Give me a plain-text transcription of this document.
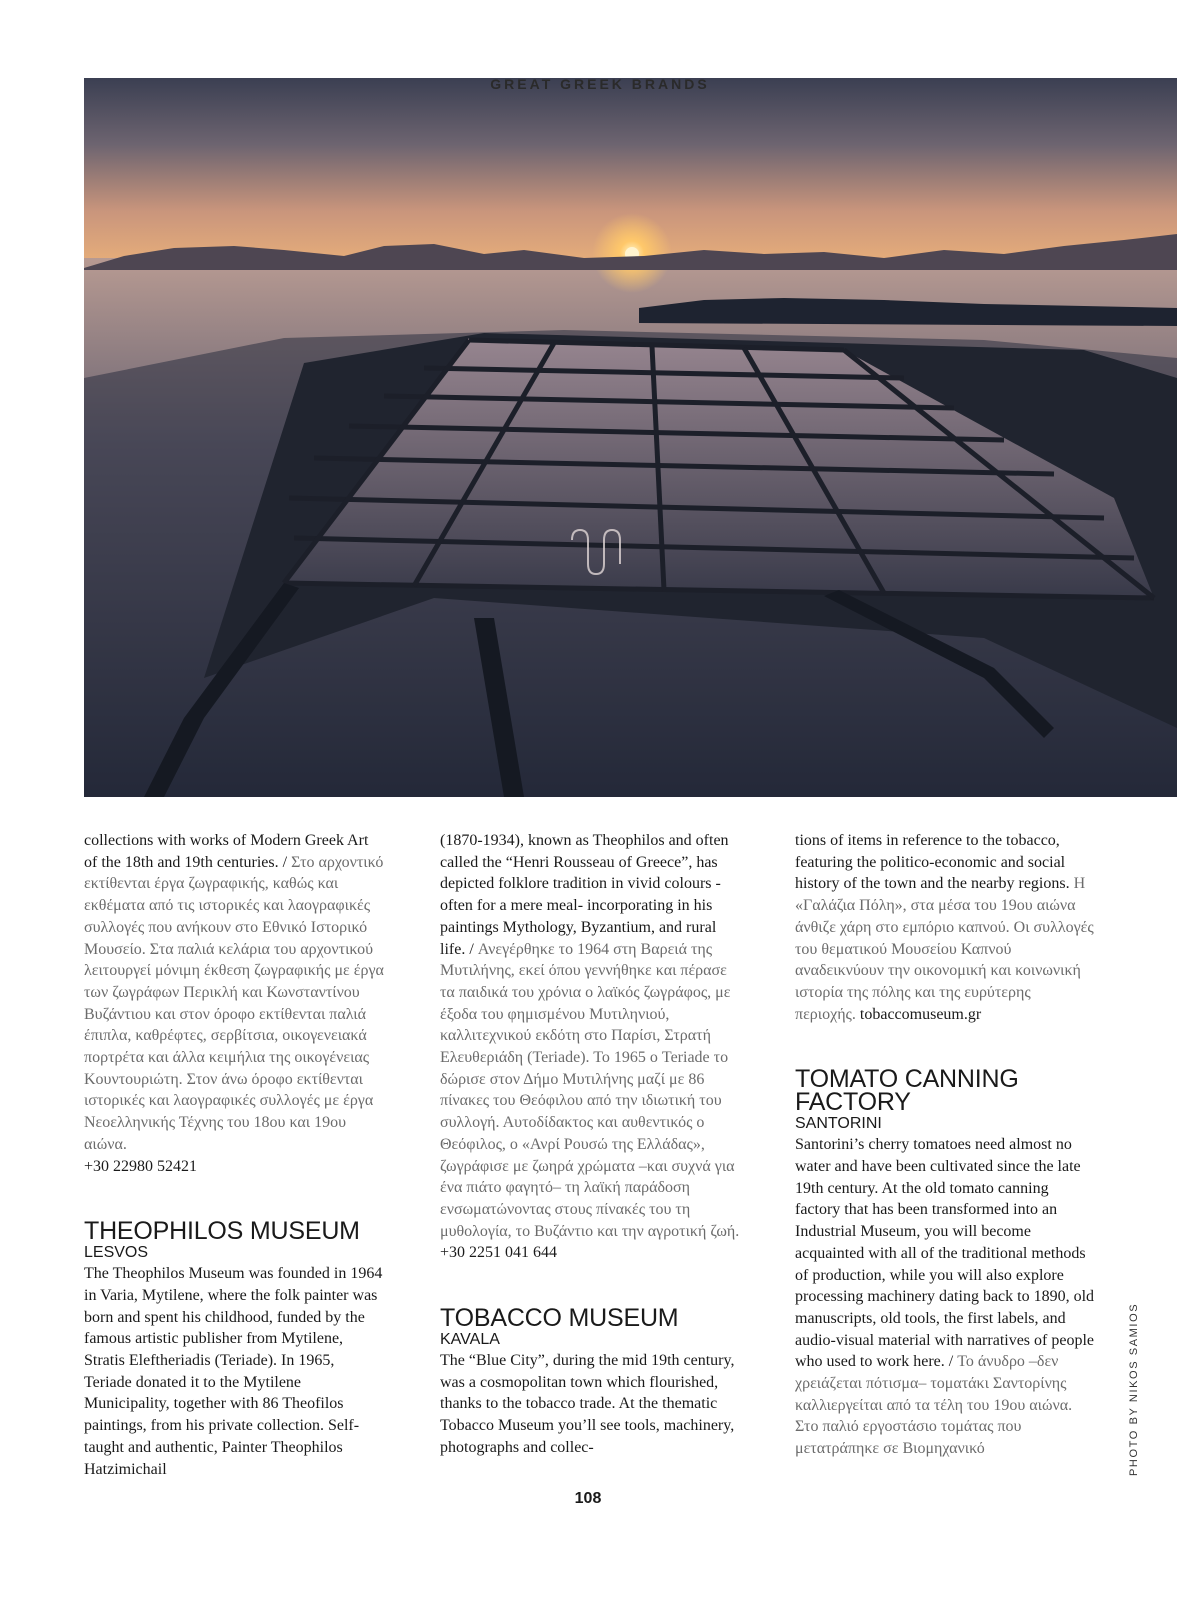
GREAT GREEK BRANDS

collections with works of Modern Greek Art of the 18th and 19th centuries. / Στο αρχοντικό εκτίθενται έργα ζωγραφικής, καθώς και εκθέματα από τις ιστορικές και λαογραφικές συλλογές που ανήκουν στο Εθνικό Ιστορικό Μουσείο. Στα παλιά κελάρια του αρχοντικού λειτουργεί μόνιμη έκθεση ζωγραφικής με έργα των ζωγράφων Περικλή και Κωνσταντίνου Βυζάντιου και στον όροφο εκτίθενται παλιά έπιπλα, καθρέφτες, σερβίτσια, οικογενειακά πορτρέτα και άλλα κειμήλια της οικογένειας Κουντουριώτη. Στον άνω όροφο εκτίθενται ιστορικές και λαογραφικές συλλογές με έργα Νεοελληνικής Τέχνης του 18ου και 19ου αιώνα.
+30 22980 52421

THEOPHILOS MUSEUM
LESVOS

The Theophilos Museum was founded in 1964 in Varia, Mytilene, where the folk painter was born and spent his childhood, funded by the famous artistic publisher from Mytilene, Stratis Eleftheriadis (Teriade). In 1965, Teriade donated it to the Mytilene Municipality, together with 86 Theofilos paintings, from his private collection. Self-taught and authentic, Painter Theophilos Hatzimichail

(1870-1934), known as Theophilos and often called the “Henri Rousseau of Greece”, has depicted folklore tradition in vivid colours -often for a mere meal- incorporating in his paintings Mythology, Byzantium, and rural life. / Ανεγέρθηκε το 1964 στη Βαρειά της Μυτιλήνης, εκεί όπου γεννήθηκε και πέρασε τα παιδικά του χρόνια ο λαϊκός ζωγράφος, με έξοδα του φημισμένου Μυτιληνιού, καλλιτεχνικού εκδότη στο Παρίσι, Στρατή Ελευθεριάδη (Teriade). Το 1965 ο Teriade το δώρισε στον Δήμο Μυτιλήνης μαζί με 86 πίνακες του Θεόφιλου από την ιδιωτική του συλλογή. Αυτοδίδακτος και αυθεντικός ο Θεόφιλος, ο «Ανρί Ρουσώ της Ελλάδας», ζωγράφισε με ζωηρά χρώματα –και συχνά για ένα πιάτο φαγητό– τη λαϊκή παράδοση ενσωματώνοντας στους πίνακές του τη μυθολογία, το Βυζάντιο και την αγροτική ζωή. +30 2251 041 644

TOBACCO MUSEUM
KAVALA

The “Blue City”, during the mid 19th century, was a cosmopolitan town which flourished, thanks to the tobacco trade. At the thematic Tobacco Museum you’ll see tools, machinery, photographs and collec-

tions of items in reference to the tobacco, featuring the politico-economic and social history of the town and the nearby regions. Η «Γαλάζια Πόλη», στα μέσα του 19ου αιώνα άνθιζε χάρη στο εμπόριο καπνού. Οι συλλογές του θεματικού Μουσείου Καπνού αναδεικνύουν την οικονομική και κοινωνική ιστορία της πόλης και της ευρύτερης περιοχής. tobaccomuseum.gr

TOMATO CANNING FACTORY
SANTORINI

Santorini’s cherry tomatoes need almost no water and have been cultivated since the late 19th century. At the old tomato canning factory that has been transformed into an Industrial Museum, you will become acquainted with all of the traditional methods of production, while you will also explore processing machinery dating back to 1890, old manuscripts, old tools, the first labels, and audio-visual material with narratives of people who used to work here. / Το άνυδρο –δεν χρειάζεται πότισμα– τοματάκι Σαντορίνης καλλιεργείται από τα τέλη του 19ου αιώνα. Στο παλιό εργοστάσιο τομάτας που μετατράπηκε σε Βιομηχανικό	PHOTO BY NIKOS SAMIOS
108
